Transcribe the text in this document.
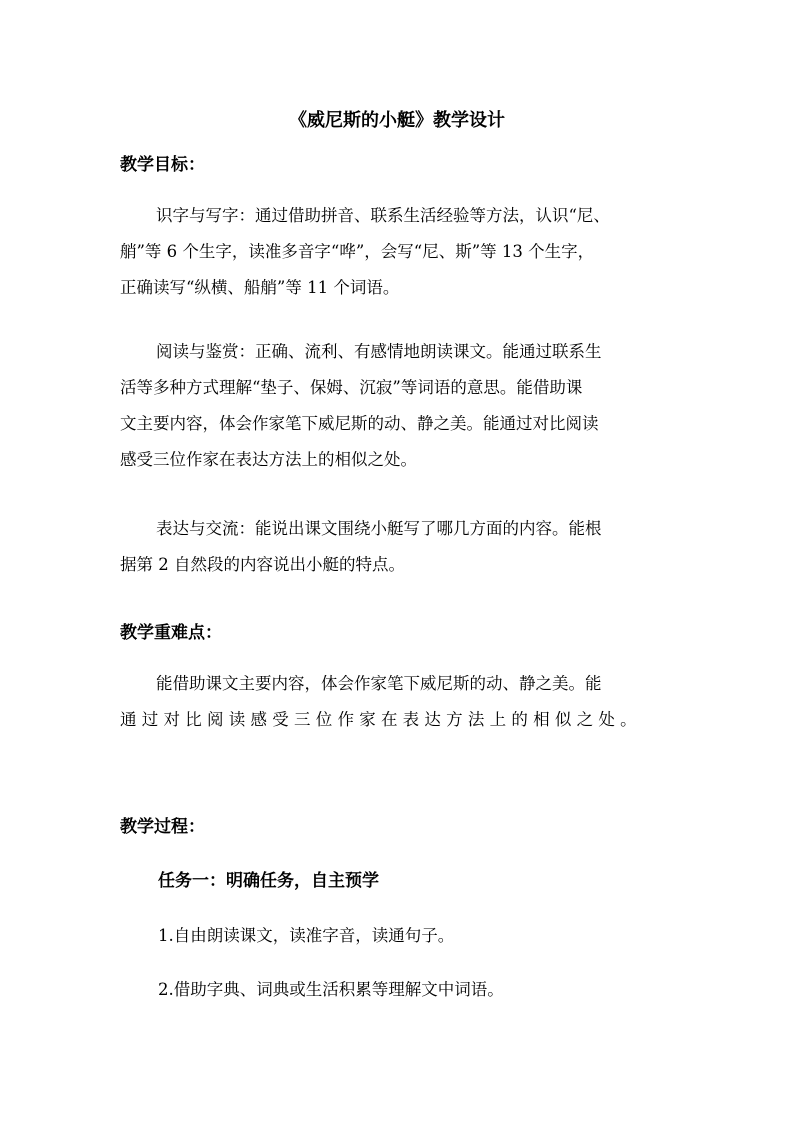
《威尼斯的小艇》教学设计
教学目标：
识字与写字：通过借助拼音、联系生活经验等方法，认识“尼、
艄”等 6 个生字，读准多音字“哗”，会写“尼、斯”等 13 个生字，
正确读写“纵横、船艄”等 11 个词语。
阅读与鉴赏：正确、流利、有感情地朗读课文。能通过联系生
活等多种方式理解“垫子、保姆、沉寂”等词语的意思。能借助课
文主要内容，体会作家笔下威尼斯的动、静之美。能通过对比阅读
感受三位作家在表达方法上的相似之处。
表达与交流：能说出课文围绕小艇写了哪几方面的内容。能根
据第 2 自然段的内容说出小艇的特点。
教学重难点：
能借助课文主要内容，体会作家笔下威尼斯的动、静之美。能
通 过 对 比 阅 读 感 受 三 位 作 家 在 表 达 方 法 上 的 相 似 之 处 。
教学过程：
任务一：明确任务，自主预学
1.自由朗读课文，读准字音，读通句子。
2.借助字典、词典或生活积累等理解文中词语。
